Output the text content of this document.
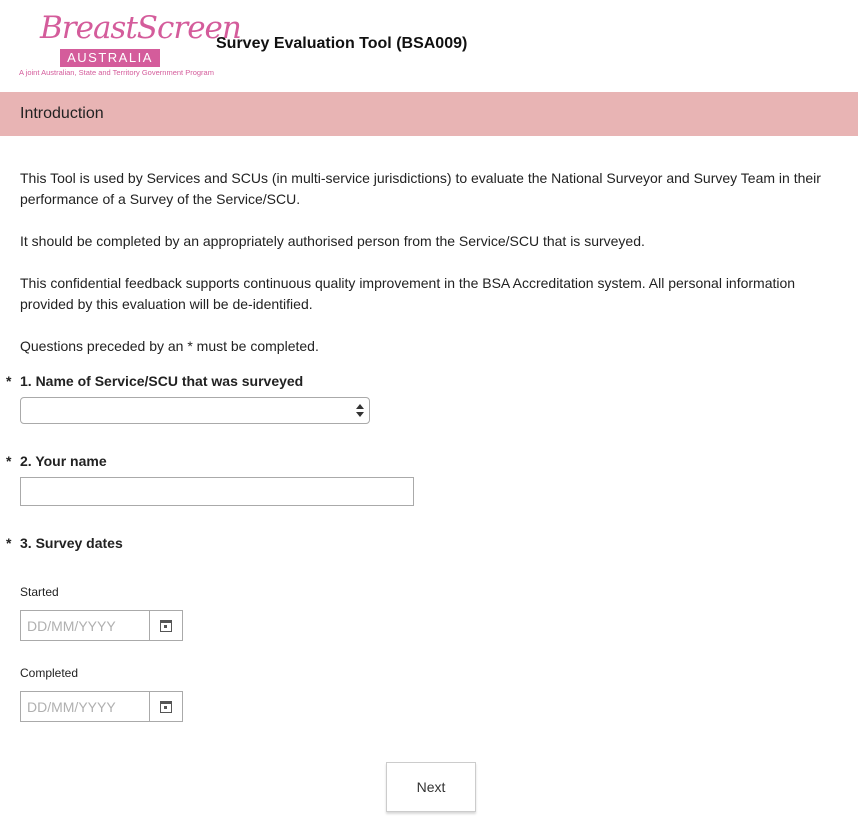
BreastScreen
AUSTRALIA
A joint Australian, State and Territory Government Program
Survey Evaluation Tool (BSA009)
Introduction

This Tool is used by Services and SCUs (in multi-service jurisdictions) to evaluate the National Surveyor and Survey Team in their performance of a Survey of the Service/SCU.

It should be completed by an appropriately authorised person from the Service/SCU that is surveyed.

This confidential feedback supports continuous quality improvement in the BSA Accreditation system. All personal information provided by this evaluation will be de-identified.

Questions preceded by an * must be completed.

* 1. Name of Service/SCU that was surveyed
* 2. Your name
* 3. Survey dates
Started
DD/MM/YYYY
Completed
DD/MM/YYYY
Next
